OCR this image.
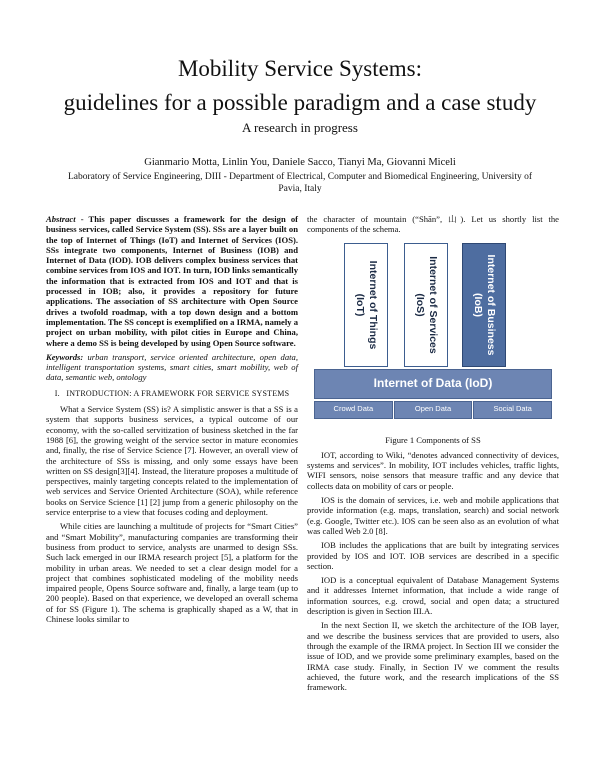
Mobility Service Systems:
guidelines for a possible paradigm and a case study
A research in progress
Gianmario Motta, Linlin You, Daniele Sacco, Tianyi Ma, Giovanni Miceli
Laboratory of Service Engineering, DIII - Department of Electrical, Computer and Biomedical Engineering, University of Pavia, Italy

Abstract - This paper discusses a framework for the design of business services, called Service System (SS). SSs are a layer built on the top of Internet of Things (IoT) and Internet of Services (IOS). SSs integrate two components, Internet of Business (IOB) and Internet of Data (IOD). IOB delivers complex business services that combine services from IOS and IOT. In turn, IOD links semantically the information that is extracted from IOS and IOT and that is processed in IOB; also, it provides a repository for future applications. The association of SS architecture with Open Source drives a twofold roadmap, with a top down design and a bottom implementation. The SS concept is exemplified on a IRMA, namely a project on urban mobility, with pilot cities in Europe and China, where a demo SS is being developed by using Open Source software.

Keywords: urban transport, service oriented architecture, open data, intelligent transportation systems, smart cities, smart mobility, web of data, semantic web, ontology

I. INTRODUCTION: A FRAMEWORK FOR SERVICE SYSTEMS

What a Service System (SS) is? A simplistic answer is that a SS is a system that supports business services, a typical outcome of our economy, with the so-called servitization of business sketched in the far 1988 [6], the growing weight of the service sector in mature economies and, finally, the rise of Service Science [7]. However, an overall view of the architecture of SSs is missing, and only some essays have been written on SS design[3][4]. Instead, the literature proposes a multitude of perspectives, mainly targeting concepts related to the implementation of web services and Service Oriented Architecture (SOA), while reference books on Service Science [1] [2] jump from a generic philosophy on the service enterprise to a view that focuses coding and deployment.

While cities are launching a multitude of projects for “Smart Cities” and “Smart Mobility”, manufacturing companies are transforming their business from product to service, analysts are unarmed to design SSs. Such lack emerged in our IRMA research project [5], a platform for the mobility in urban areas. We needed to set a clear design model for a project that combines sophisticated modeling of the mobility needs impaired people, Opens Source software and, finally, a large team (up to 200 people). Based on that experience, we developed an overall schema of for SS (Figure 1). The schema is graphically shaped as a W, that in Chinese looks similar to

the character of mountain (“Shān”, 山). Let us shortly list the components of the schema.

Internet of Things (IoT)	Internet of Services (IoS)	Internet of Business (IoB)
Internet of Data (IoD)
Crowd Data	Open Data	Social Data

Figure 1 Components of SS

IOT, according to Wiki, “denotes advanced connectivity of devices, systems and services”. In mobility, IOT includes vehicles, traffic lights, WIFI sensors, noise sensors that measure traffic and any device that collects data on mobility of cars or people.

IOS is the domain of services, i.e. web and mobile applications that provide information (e.g. maps, translation, search) and social network (e.g. Google, Twitter etc.). IOS can be seen also as an evolution of what was called Web 2.0 [8].

IOB includes the applications that are built by integrating services provided by IOS and IOT. IOB services are described in a specific section.

IOD is a conceptual equivalent of Database Management Systems and it addresses Internet information, that include a wide range of information sources, e.g. crowd, social and open data; a structured description is given in Section III.A.

In the next Section II, we sketch the architecture of the IOB layer, and we describe the business services that are provided to users, also through the example of the IRMA project. In Section III we consider the issue of IOD, and we provide some preliminary examples, based on the IRMA case study. Finally, in Section IV we comment the results achieved, the future work, and the research implications of the SS framework.
